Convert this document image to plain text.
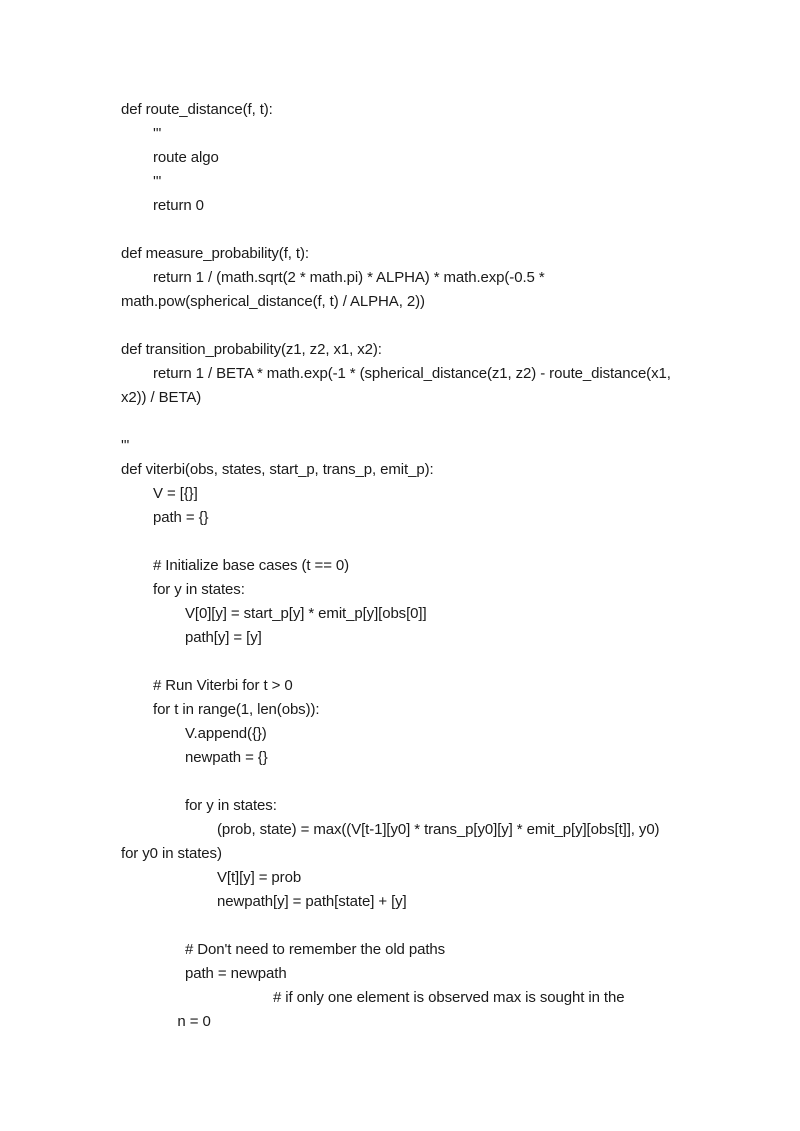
def route_distance(f, t):
'''
route algo
'''
return 0
def measure_probability(f, t):
return 1 / (math.sqrt(2 * math.pi) * ALPHA) * math.exp(-0.5 *
math.pow(spherical_distance(f, t) / ALPHA, 2))
def transition_probability(z1, z2, x1, x2):
return 1 / BETA * math.exp(-1 * (spherical_distance(z1, z2) - route_distance(x1,
x2)) / BETA)
'''
def viterbi(obs, states, start_p, trans_p, emit_p):
V = [{}]
path = {}
# Initialize base cases (t == 0)
for y in states:
V[0][y] = start_p[y] * emit_p[y][obs[0]]
path[y] = [y]
# Run Viterbi for t > 0
for t in range(1, len(obs)):
V.append({})
newpath = {}
for y in states:
(prob, state) = max((V[t-1][y0] * trans_p[y0][y] * emit_p[y][obs[t]], y0)
for y0 in states)
V[t][y] = prob
newpath[y] = path[state] + [y]
# Don't need to remember the old paths
path = newpath

n = 0

# if only one element is observed max is sought in the
